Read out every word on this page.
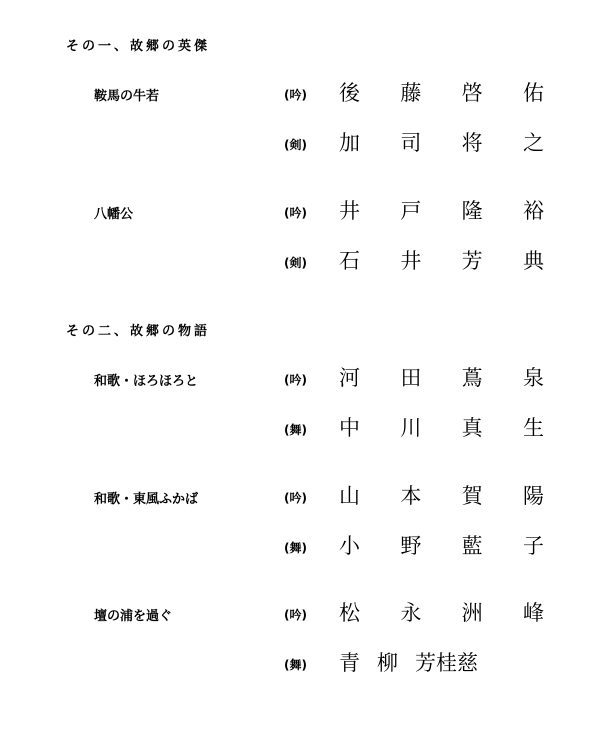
その一、故郷の英傑
鞍馬の牛若	(吟) 後 藤 啓 佑
(剣) 加 司 将 之
八幡公	(吟) 井 戸 隆 裕
(剣) 石 井 芳 典
その二、故郷の物語
和歌・ほろほろと	(吟) 河 田 蔦 泉
(舞) 中 川 真 生
和歌・東風ふかば	(吟) 山 本 賀 陽
(舞) 小 野 藍 子
壇の浦を過ぐ	(吟) 松 永 洲 峰
(舞) 青 柳 芳桂慈
